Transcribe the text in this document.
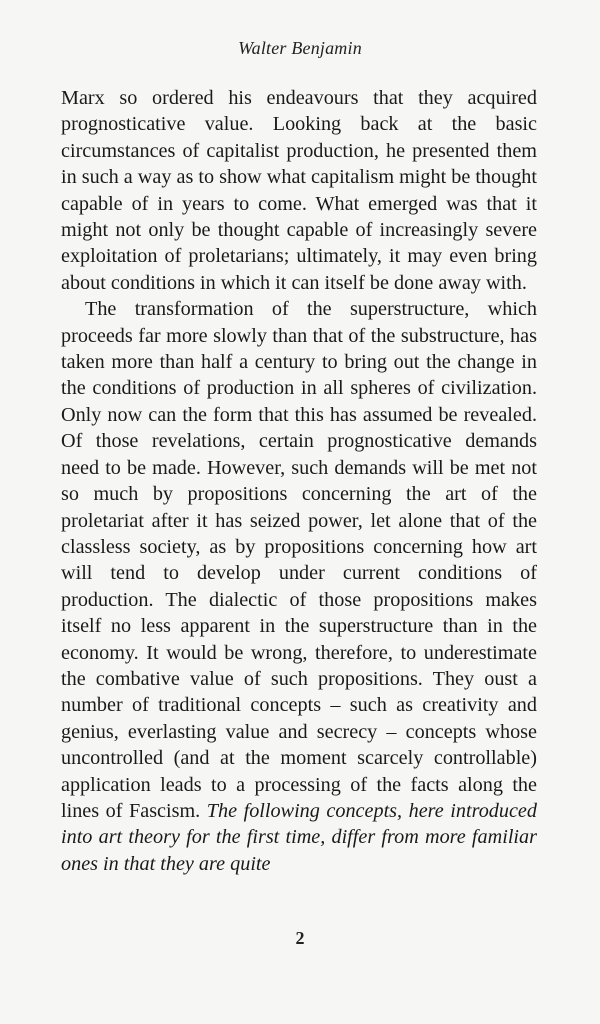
Walter Benjamin

Marx so ordered his endeavours that they acquired prognosticative value. Looking back at the basic circumstances of capitalist production, he presented them in such a way as to show what capitalism might be thought capable of in years to come. What emerged was that it might not only be thought capable of increasingly severe exploitation of proletarians; ultimately, it may even bring about conditions in which it can itself be done away with.

The transformation of the superstructure, which proceeds far more slowly than that of the substructure, has taken more than half a century to bring out the change in the conditions of production in all spheres of civilization. Only now can the form that this has assumed be revealed. Of those revelations, certain prognosticative demands need to be made. However, such demands will be met not so much by propositions concerning the art of the proletariat after it has seized power, let alone that of the classless society, as by propositions concerning how art will tend to develop under current conditions of production. The dialectic of those propositions makes itself no less apparent in the superstructure than in the economy. It would be wrong, therefore, to underestimate the combative value of such propositions. They oust a number of traditional concepts – such as creativity and genius, everlasting value and secrecy – concepts whose uncontrolled (and at the moment scarcely controllable) application leads to a processing of the facts along the lines of Fascism. The following concepts, here introduced into art theory for the first time, differ from more familiar ones in that they are quite

2
